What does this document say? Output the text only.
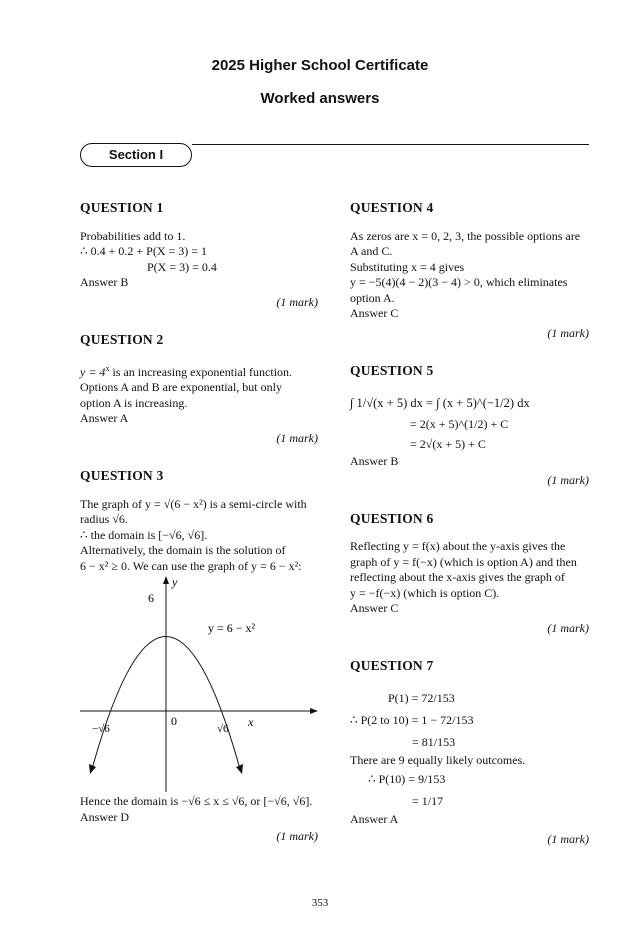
2025 Higher School Certificate
Worked answers
Section I
QUESTION 1
Probabilities add to 1.
∴ 0.4 + 0.2 + P(X = 3) = 1
P(X = 3) = 0.4
Answer B
(1 mark)
QUESTION 2
$y = 4^x$ is an increasing exponential function.
Options A and B are exponential, but only
option A is increasing.
Answer A
(1 mark)
QUESTION 3
The graph of y = √(6 − x²) is a semi-circle with
radius √6.
∴ the domain is [−√6, √6].
Alternatively, the domain is the solution of
6 − x² ≥ 0. We can use the graph of y = 6 − x²:
y
x
6
0
−√6	√6
y = 6 − x²
Hence the domain is −√6 ≤ x ≤ √6, or [−√6, √6].
Answer D
(1 mark)
QUESTION 4
As zeros are x = 0, 2, 3, the possible options are
A and C.
Substituting x = 4 gives
y = −5(4)(4 − 2)(3 − 4) > 0, which eliminates
option A.
Answer C
(1 mark)
QUESTION 5
∫ 1/√(x + 5) dx = ∫ (x + 5)^(−1/2) dx
= 2(x + 5)^(1/2) + C
= 2√(x + 5) + C
Answer B
(1 mark)
QUESTION 6
Reflecting y = f(x) about the y-axis gives the
graph of y = f(−x) (which is option A) and then
reflecting about the x-axis gives the graph of
y = −f(−x) (which is option C).
Answer C
(1 mark)
QUESTION 7
P(1) = 72/153
∴ P(2 to 10) = 1 − 72/153
= 81/153
There are 9 equally likely outcomes.
∴ P(10) = 9/153
= 1/17
Answer A
(1 mark)
353
